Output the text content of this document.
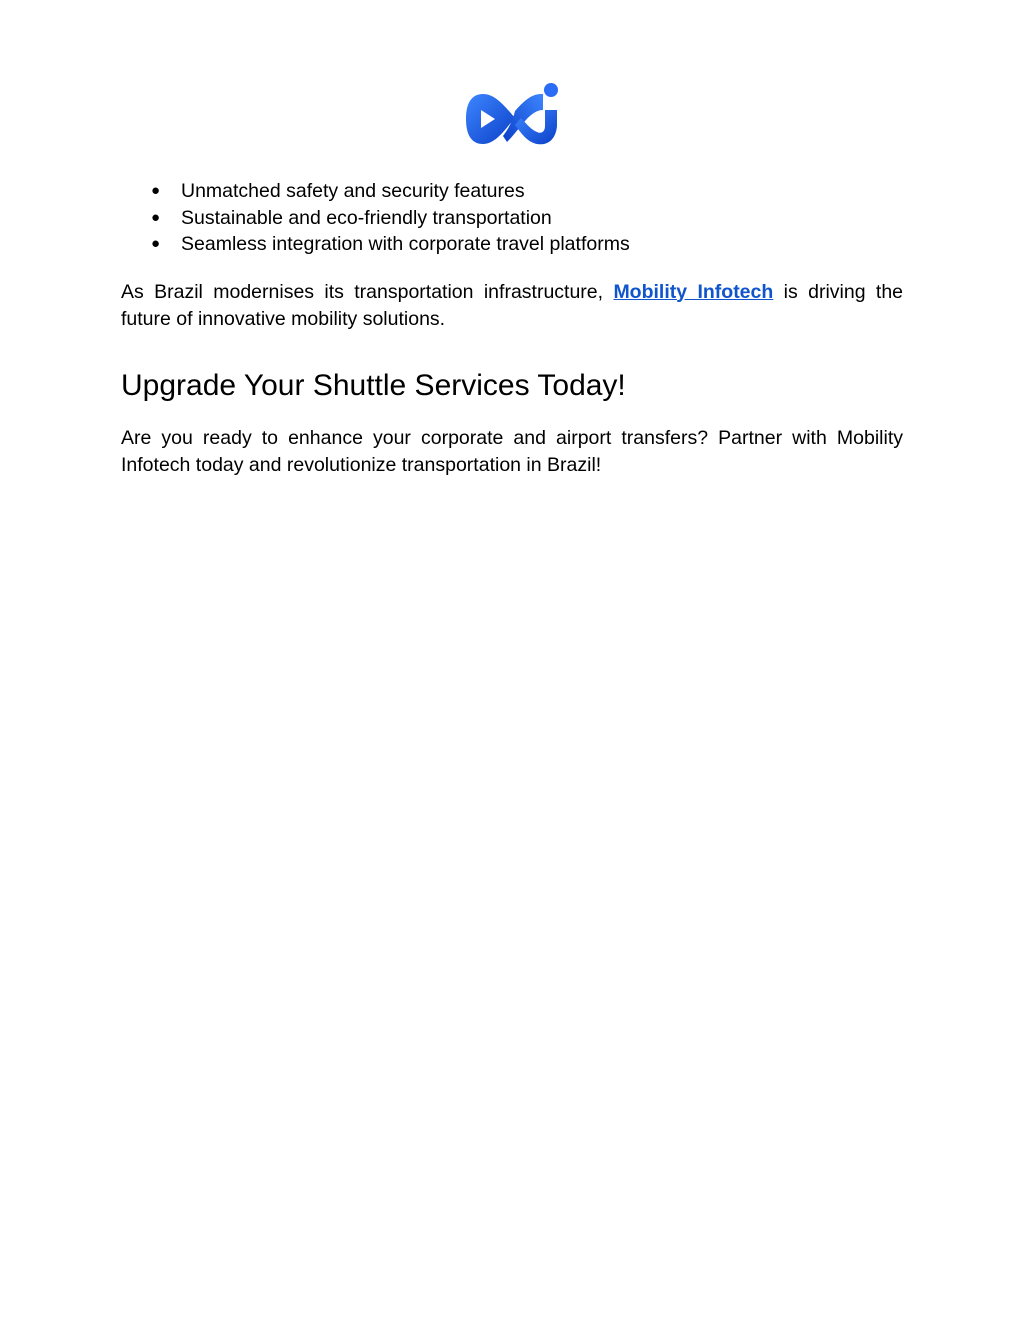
● Unmatched safety and security features
● Sustainable and eco-friendly transportation
● Seamless integration with corporate travel platforms

As Brazil modernises its transportation infrastructure, Mobility Infotech is driving the future of innovative mobility solutions.

Upgrade Your Shuttle Services Today!

Are you ready to enhance your corporate and airport transfers? Partner with Mobility Infotech today and revolutionize transportation in Brazil!
